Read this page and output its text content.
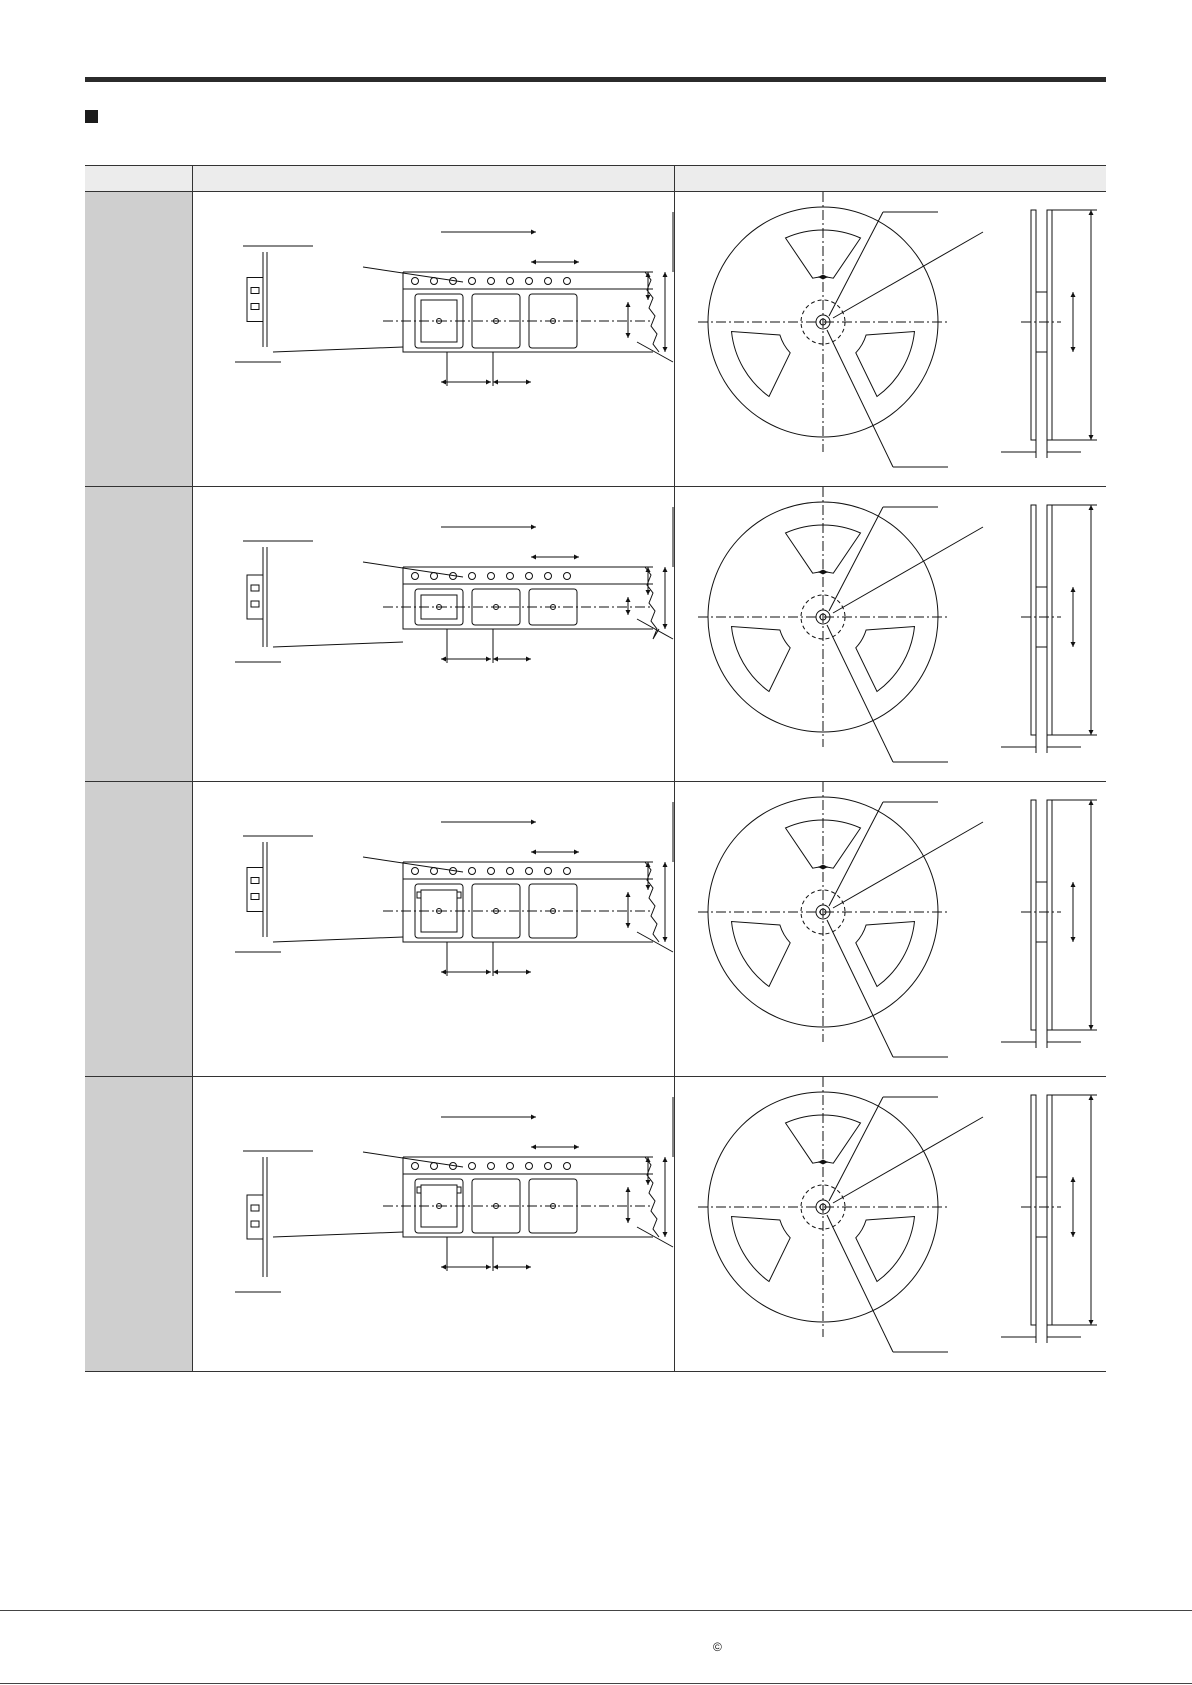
©
